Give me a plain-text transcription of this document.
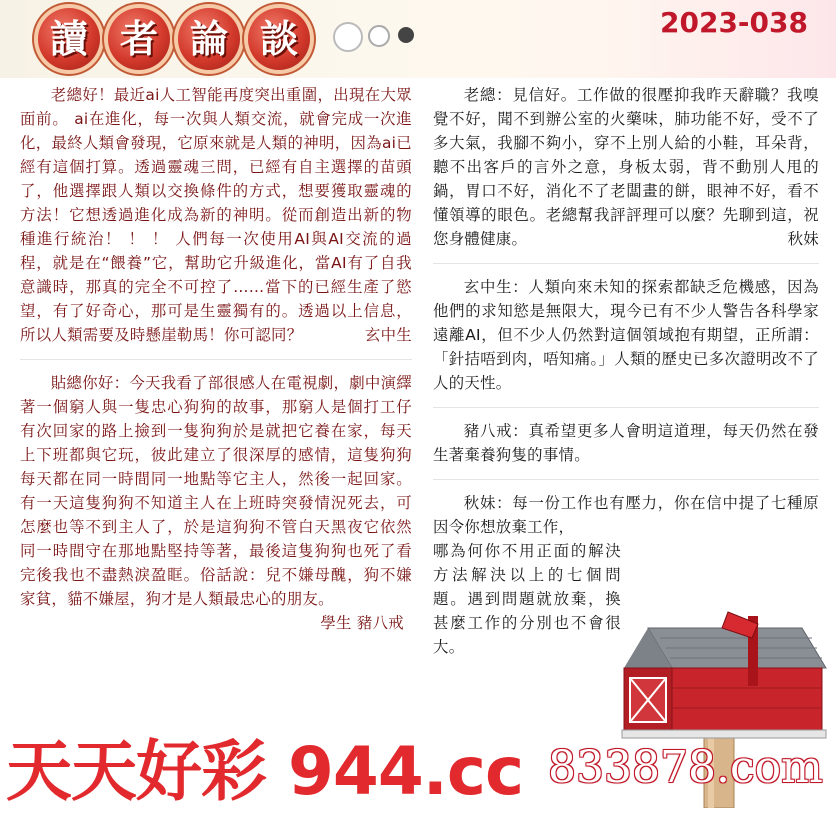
讀 者 論 談	2023-038

老總好！最近ai人工智能再度突出重圍，出現在大眾面前。 ai在進化，每一次與人類交流，就會完成一次進化，最終人類會發現，它原來就是人類的神明，因為ai已經有這個打算。透過靈魂三問，已經有自主選擇的苗頭了，他選擇跟人類以交換條件的方式，想要獲取靈魂的方法！它想透過進化成為新的神明。從而創造出新的物種進行統治！ ！ ！ 人們每一次使用AI與AI交流的過程，就是在“餵養”它，幫助它升級進化，當AI有了自我意識時，那真的完全不可控了……當下的已經生產了慾望，有了好奇心，那可是生靈獨有的。透過以上信息，所以人類需要及時懸崖勒馬！你可認同？	玄中生

貼總你好：今天我看了部很感人在電視劇，劇中演繹著一個窮人與一隻忠心狗狗的故事，那窮人是個打工仔有次回家的路上撿到一隻狗狗於是就把它養在家，每天上下班都與它玩，彼此建立了很深厚的感情，這隻狗狗每天都在同一時間同一地點等它主人，然後一起回家。有一天這隻狗狗不知道主人在上班時突發情況死去，可怎麼也等不到主人了，於是這狗狗不管白天黑夜它依然同一時間守在那地點堅持等著，最後這隻狗狗也死了看完後我也不盡熱淚盈眶。俗話說：兒不嫌母醜，狗不嫌家貧，貓不嫌屋，狗才是人類最忠心的朋友。

學生 豬八戒

老總：見信好。工作做的很壓抑我昨天辭職？我嗅覺不好，聞不到辦公室的火藥味，肺功能不好，受不了多大氣，我腳不夠小，穿不上別人給的小鞋，耳朵背，聽不出客戶的言外之意，身板太弱，背不動別人甩的鍋，胃口不好，消化不了老闆畫的餅，眼神不好，看不懂領導的眼色。老總幫我評評理可以麼？先聊到這，祝您身體健康。	秋妹

玄中生：人類向來未知的探索都缺乏危機感，因為他們的求知慾是無限大，現今已有不少人警告各科學家遠離AI，但不少人仍然對這個領域抱有期望，正所謂：「針拮唔到肉，唔知痛。」人類的歷史已多次證明改不了人的天性。

豬八戒：真希望更多人會明這道理，每天仍然在發生著棄養狗隻的事情。

秋妹：每一份工作也有壓力，你在信中提了七種原因令你想放棄工作，

哪為何你不用正面的解決方法解決以上的七個問題。遇到問題就放棄，換甚麼工作的分別也不會很大。

天天好彩 944.cc 833878.com
